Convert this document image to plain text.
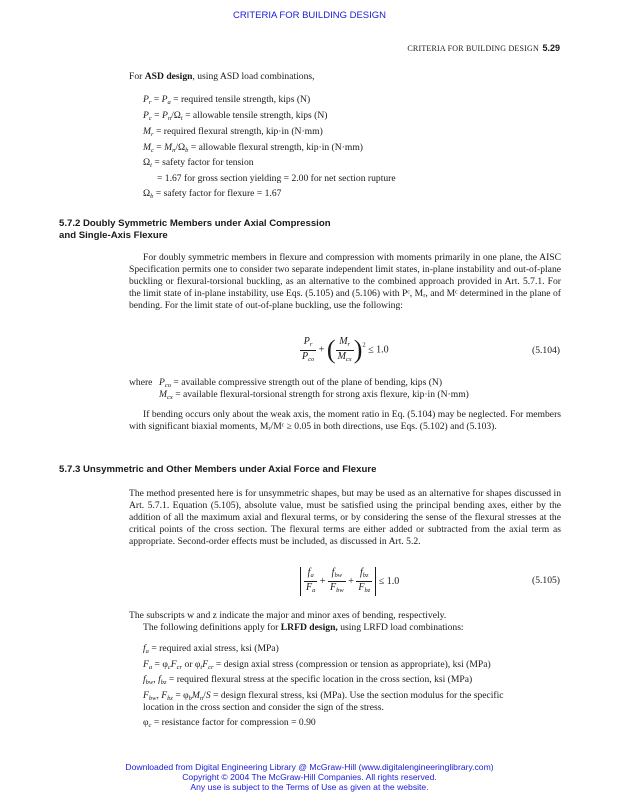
CRITERIA FOR BUILDING DESIGN
CRITERIA FOR BUILDING DESIGN 5.29
For ASD design, using ASD load combinations,
$P_r = P_a$ = required tensile strength, kips (N)
$P_c = P_n/\Omega_t$ = allowable tensile strength, kips (N)
$M_r$ = required flexural strength, kip·in (N·mm)
$M_c = M_n/\Omega_b$ = allowable flexural strength, kip·in (N·mm)
$\Omega_t$ = safety factor for tension
= 1.67 for gross section yielding = 2.00 for net section rupture
$\Omega_b$ = safety factor for flexure = 1.67
5.7.2 Doubly Symmetric Members under Axial Compression
and Single-Axis Flexure
For doubly symmetric members in flexure and compression with moments primarily in one plane, the AISC Specification permits one to consider two separate independent limit states, in-plane instability and out-of-plane buckling or flexural-torsional buckling, as an alternative to the combined approach provided in Art. 5.7.1. For the limit state of in-plane instability, use Eqs. (5.105) and (5.106) with Pᶜ, Mᵣ, and Mᶜ determined in the plane of bending. For the limit state of out-of-plane buckling, use the following:
$\frac{P_r}{P_{co}}$ + ( $\frac{M_r}{M_{cx}} )^2 \le 1.0$	(5.104)
where $P_{co}$ = available compressive strength out of the plane of bending, kips (N)
$M_{cx}$ = available flexural-torsional strength for strong axis flexure, kip·in (N·mm)
If bending occurs only about the weak axis, the moment ratio in Eq. (5.104) may be neglected. For members with significant biaxial moments, Mᵣ/Mᶜ ≥ 0.05 in both directions, use Eqs. (5.102) and (5.103).
5.7.3 Unsymmetric and Other Members under Axial Force and Flexure
The method presented here is for unsymmetric shapes, but may be used as an alternative for shapes discussed in Art. 5.7.1. Equation (5.105), absolute value, must be satisfied using the principal bending axes, either by the addition of all the maximum axial and flexural terms, or by considering the sense of the flexural stresses at the critical points of the cross section. The flexural terms are either added or subtracted from the axial term as appropriate. Second-order effects must be included, as discussed in Art. 5.2.
$\frac{f_a}{F_a} + \frac{f_{bw}}{F_{bw}} + \frac{f_{bz}}{F_{bz}} \le 1.0$	(5.105)
The subscripts w and z indicate the major and minor axes of bending, respectively.
The following definitions apply for LRFD design, using LRFD load combinations:
$f_a$ = required axial stress, ksi (MPa)
$F_a = \varphi_cF_{cr}$ or $\varphi_tF_{cr}$ = design axial stress (compression or tension as appropriate), ksi (MPa)
$f_{bw}$, $f_{bz}$ = required flexural stress at the specific location in the cross section, ksi (MPa)
$F_{bw}$, $F_{bz} = \varphi_bM_n/S$ = design flexural stress, ksi (MPa). Use the section modulus for the specific
location in the cross section and consider the sign of the stress.
$\varphi_c$ = resistance factor for compression = 0.90
Downloaded from Digital Engineering Library @ McGraw-Hill (www.digitalengineeringlibrary.com)
Copyright © 2004 The McGraw-Hill Companies. All rights reserved.
Any use is subject to the Terms of Use as given at the website.
